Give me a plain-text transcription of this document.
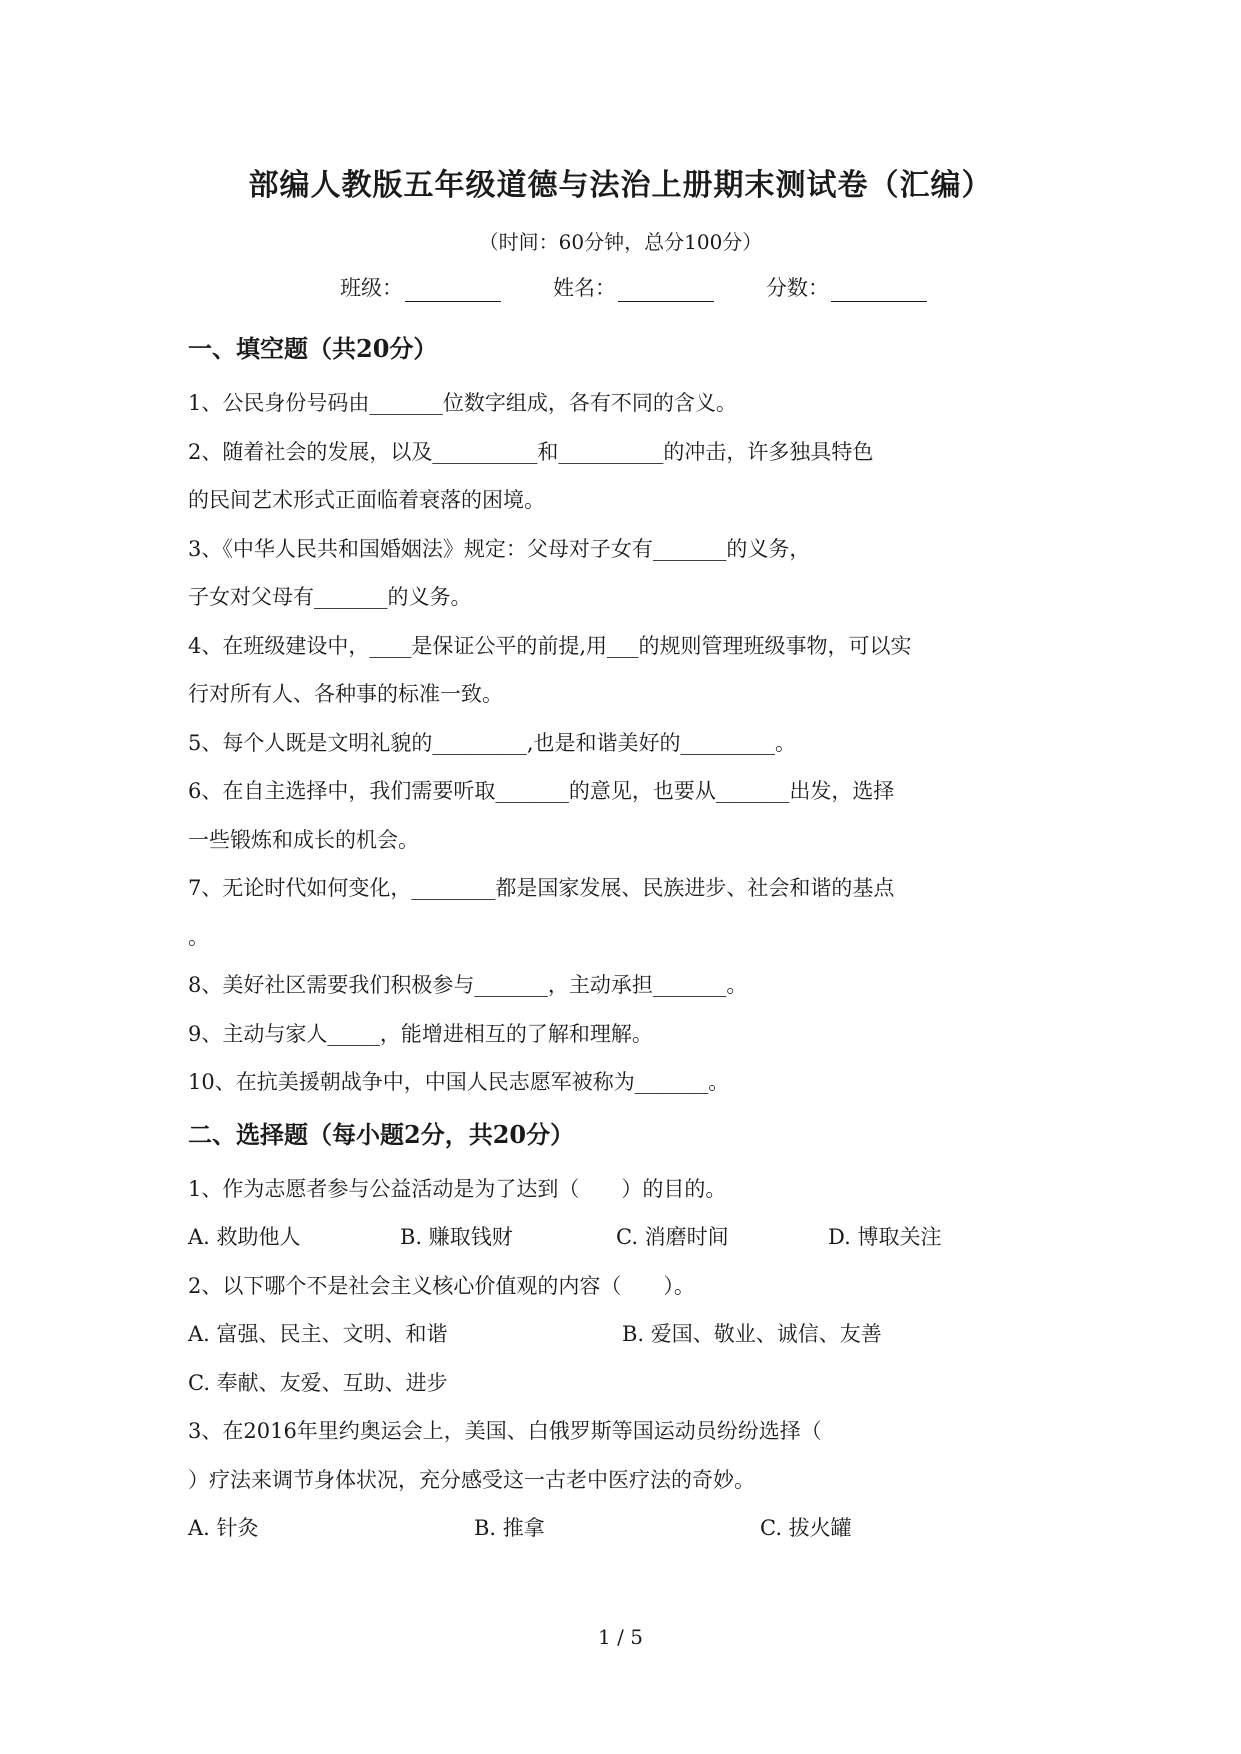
部编人教版五年级道德与法治上册期末测试卷（汇编）
（时间：60分钟，总分100分）
班级：	姓名：	分数：
一、填空题（共20分）
1、公民身份号码由_______位数字组成，各有不同的含义。
2、随着社会的发展，以及__________和__________的冲击，许多独具特色
的民间艺术形式正面临着衰落的困境。
3、《中华人民共和国婚姻法》规定：父母对子女有_______的义务，
子女对父母有_______的义务。
4、在班级建设中，____是保证公平的前提,用___的规则管理班级事物，可以实
行对所有人、各种事的标准一致。
5、每个人既是文明礼貌的_________,也是和谐美好的_________。
6、在自主选择中，我们需要听取_______的意见，也要从_______出发，选择
一些锻炼和成长的机会。
7、无论时代如何变化，________都是国家发展、民族进步、社会和谐的基点
。
8、美好社区需要我们积极参与_______，主动承担_______。
9、主动与家人_____，能增进相互的了解和理解。
10、在抗美援朝战争中，中国人民志愿军被称为_______。
二、选择题（每小题2分，共20分）
1、作为志愿者参与公益活动是为了达到（　　）的目的。
A. 救助他人	B. 赚取钱财	C. 消磨时间	D. 博取关注
2、以下哪个不是社会主义核心价值观的内容（　　）。
A. 富强、民主、文明、和谐	B. 爱国、敬业、诚信、友善
C. 奉献、友爱、互助、进步
3、在2016年里约奥运会上，美国、白俄罗斯等国运动员纷纷选择（
）疗法来调节身体状况，充分感受这一古老中医疗法的奇妙。
A. 针灸	B. 推拿	C. 拔火罐
1 / 5
